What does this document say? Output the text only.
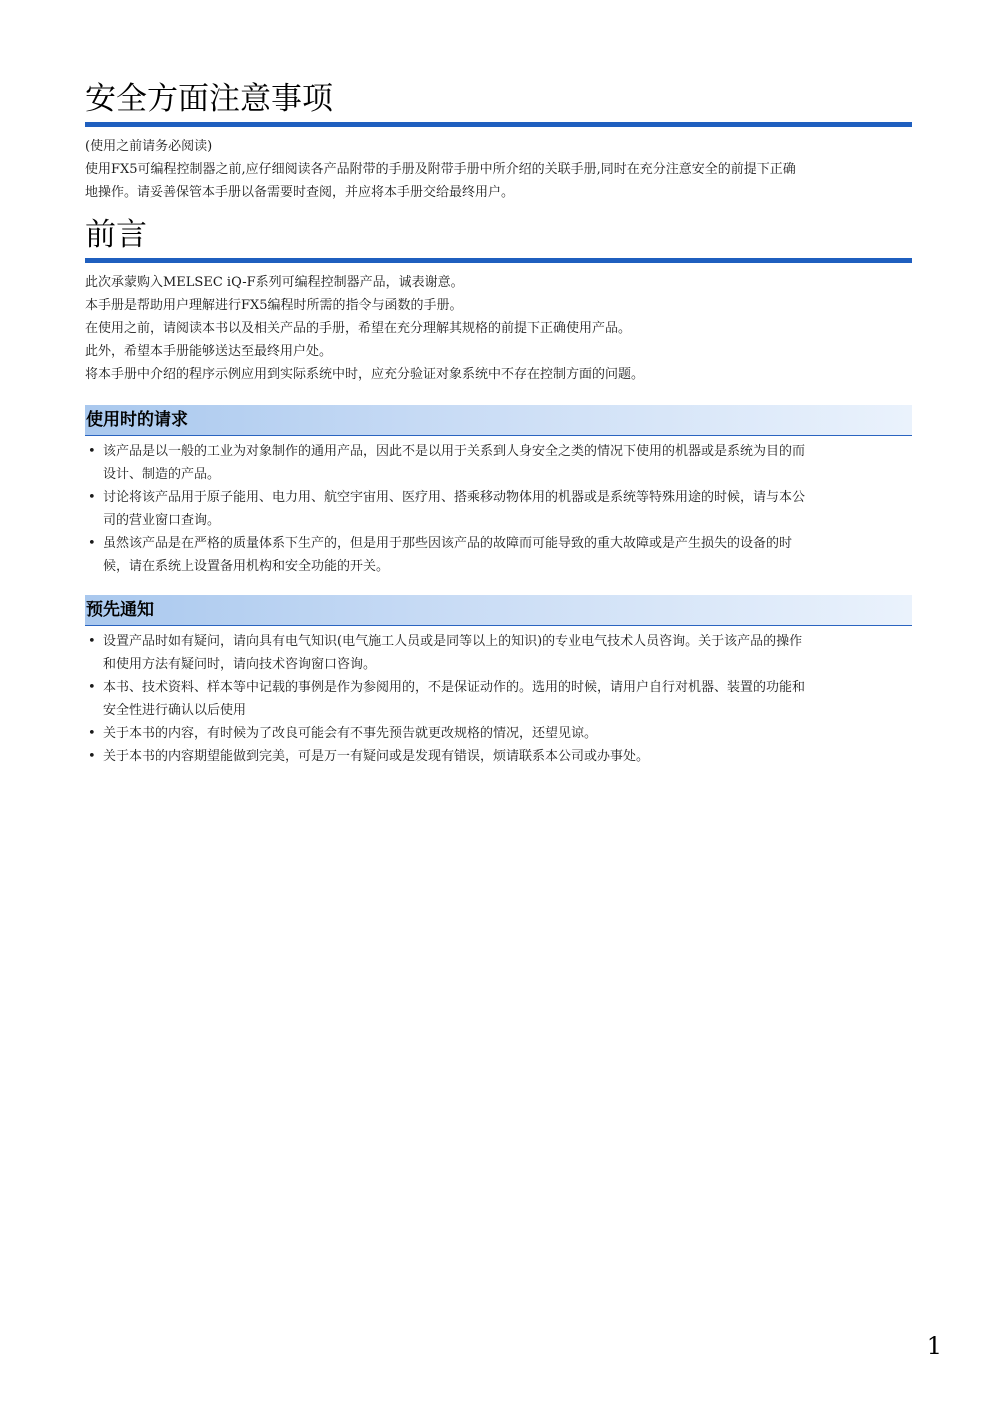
安全方面注意事项
(使用之前请务必阅读)
使用FX5可编程控制器之前,应仔细阅读各产品附带的手册及附带手册中所介绍的关联手册,同时在充分注意安全的前提下正确
地操作。请妥善保管本手册以备需要时查阅，并应将本手册交给最终用户。
前言
此次承蒙购入MELSEC iQ-F系列可编程控制器产品，诚表谢意。
本手册是帮助用户理解进行FX5编程时所需的指令与函数的手册。
在使用之前，请阅读本书以及相关产品的手册，希望在充分理解其规格的前提下正确使用产品。
此外，希望本手册能够送达至最终用户处。
将本手册中介绍的程序示例应用到实际系统中时，应充分验证对象系统中不存在控制方面的问题。
使用时的请求
• 该产品是以一般的工业为对象制作的通用产品，因此不是以用于关系到人身安全之类的情况下使用的机器或是系统为目的而
设计、制造的产品。
• 讨论将该产品用于原子能用、电力用、航空宇宙用、医疗用、搭乘移动物体用的机器或是系统等特殊用途的时候，请与本公
司的营业窗口查询。
• 虽然该产品是在严格的质量体系下生产的，但是用于那些因该产品的故障而可能导致的重大故障或是产生损失的设备的时
候，请在系统上设置备用机构和安全功能的开关。
预先通知
• 设置产品时如有疑问，请向具有电气知识(电气施工人员或是同等以上的知识)的专业电气技术人员咨询。关于该产品的操作
和使用方法有疑问时，请向技术咨询窗口咨询。
• 本书、技术资料、样本等中记载的事例是作为参阅用的，不是保证动作的。选用的时候，请用户自行对机器、装置的功能和
安全性进行确认以后使用
• 关于本书的内容，有时候为了改良可能会有不事先预告就更改规格的情况，还望见谅。
• 关于本书的内容期望能做到完美，可是万一有疑问或是发现有错误，烦请联系本公司或办事处。
1
